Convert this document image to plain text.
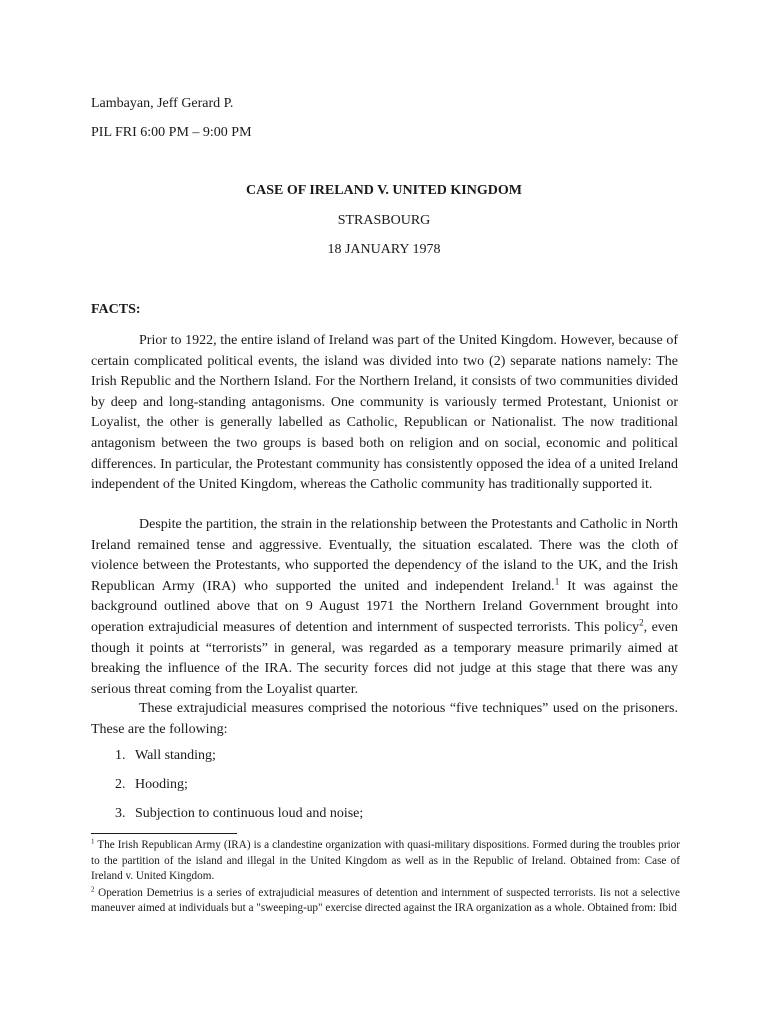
Lambayan, Jeff Gerard P.
PIL FRI 6:00 PM – 9:00 PM
CASE OF IRELAND V. UNITED KINGDOM
STRASBOURG
18 JANUARY 1978
FACTS:

Prior to 1922, the entire island of Ireland was part of the United Kingdom. However, because of certain complicated political events, the island was divided into two (2) separate nations namely: The Irish Republic and the Northern Island. For the Northern Ireland, it consists of two communities divided by deep and long-standing antagonisms. One community is variously termed Protestant, Unionist or Loyalist, the other is generally labelled as Catholic, Republican or Nationalist. The now traditional antagonism between the two groups is based both on religion and on social, economic and political differences. In particular, the Protestant community has consistently opposed the idea of a united Ireland independent of the United Kingdom, whereas the Catholic community has traditionally supported it.

Despite the partition, the strain in the relationship between the Protestants and Catholic in North Ireland remained tense and aggressive. Eventually, the situation escalated. There was the cloth of violence between the Protestants, who supported the dependency of the island to the UK, and the Irish Republican Army (IRA) who supported the united and independent Ireland.$^1$ It was against the background outlined above that on 9 August 1971 the Northern Ireland Government brought into operation extrajudicial measures of detention and internment of suspected terrorists. This policy$^2$, even though it points at “terrorists” in general, was regarded as a temporary measure primarily aimed at breaking the influence of the IRA. The security forces did not judge at this stage that there was any serious threat coming from the Loyalist quarter.

These extrajudicial measures comprised the notorious “five techniques” used on the prisoners. These are the following:

1. Wall standing;
2. Hooding;
3. Subjection to continuous loud and noise;

$^1$ The Irish Republican Army (IRA) is a clandestine organization with quasi-military dispositions. Formed during the troubles prior to the partition of the island and illegal in the United Kingdom as well as in the Republic of Ireland. Obtained from: Case of Ireland v. United Kingdom.

$^2$ Operation Demetrius is a series of extrajudicial measures of detention and internment of suspected terrorists. Iis not a selective maneuver aimed at individuals but a "sweeping-up" exercise directed against the IRA organization as a whole. Obtained from: Ibid
